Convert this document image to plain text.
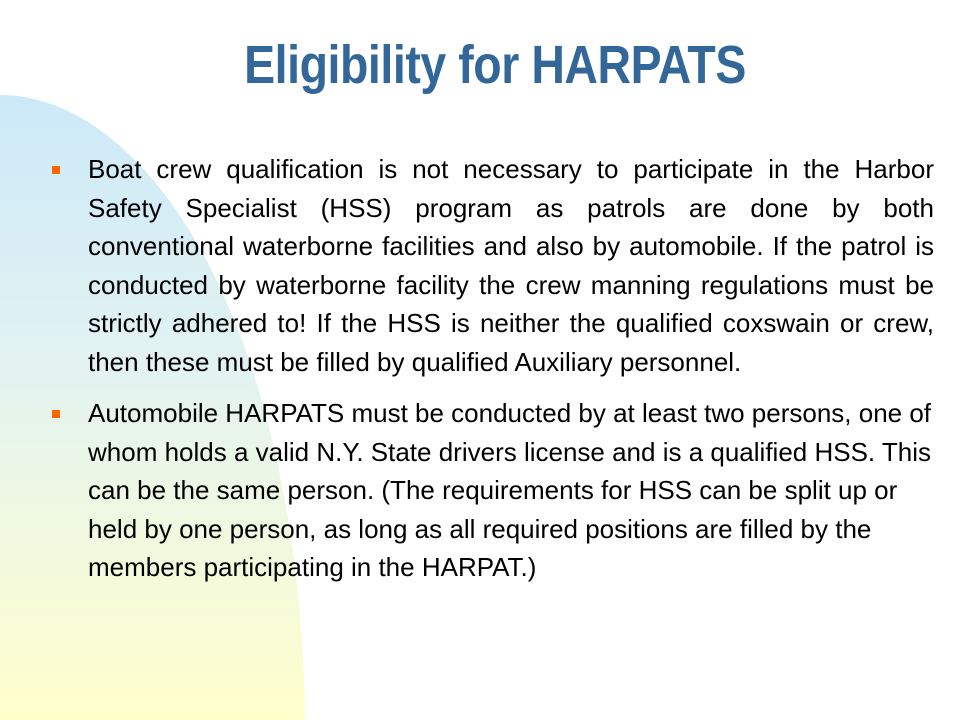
Eligibility for HARPATS
Boat crew qualification is not necessary to participate in the Harbor Safety Specialist (HSS) program as patrols are done by both conventional waterborne facilities and also by automobile. If the patrol is conducted by waterborne facility the crew manning regulations must be strictly adhered to! If the HSS is neither the qualified coxswain or crew, then these must be filled by qualified Auxiliary personnel.
Automobile HARPATS must be conducted by at least two persons, one of whom holds a valid N.Y. State drivers license and is a qualified HSS. This can be the same person. (The requirements for HSS can be split up or held by one person, as long as all required positions are filled by the members participating in the HARPAT.)
